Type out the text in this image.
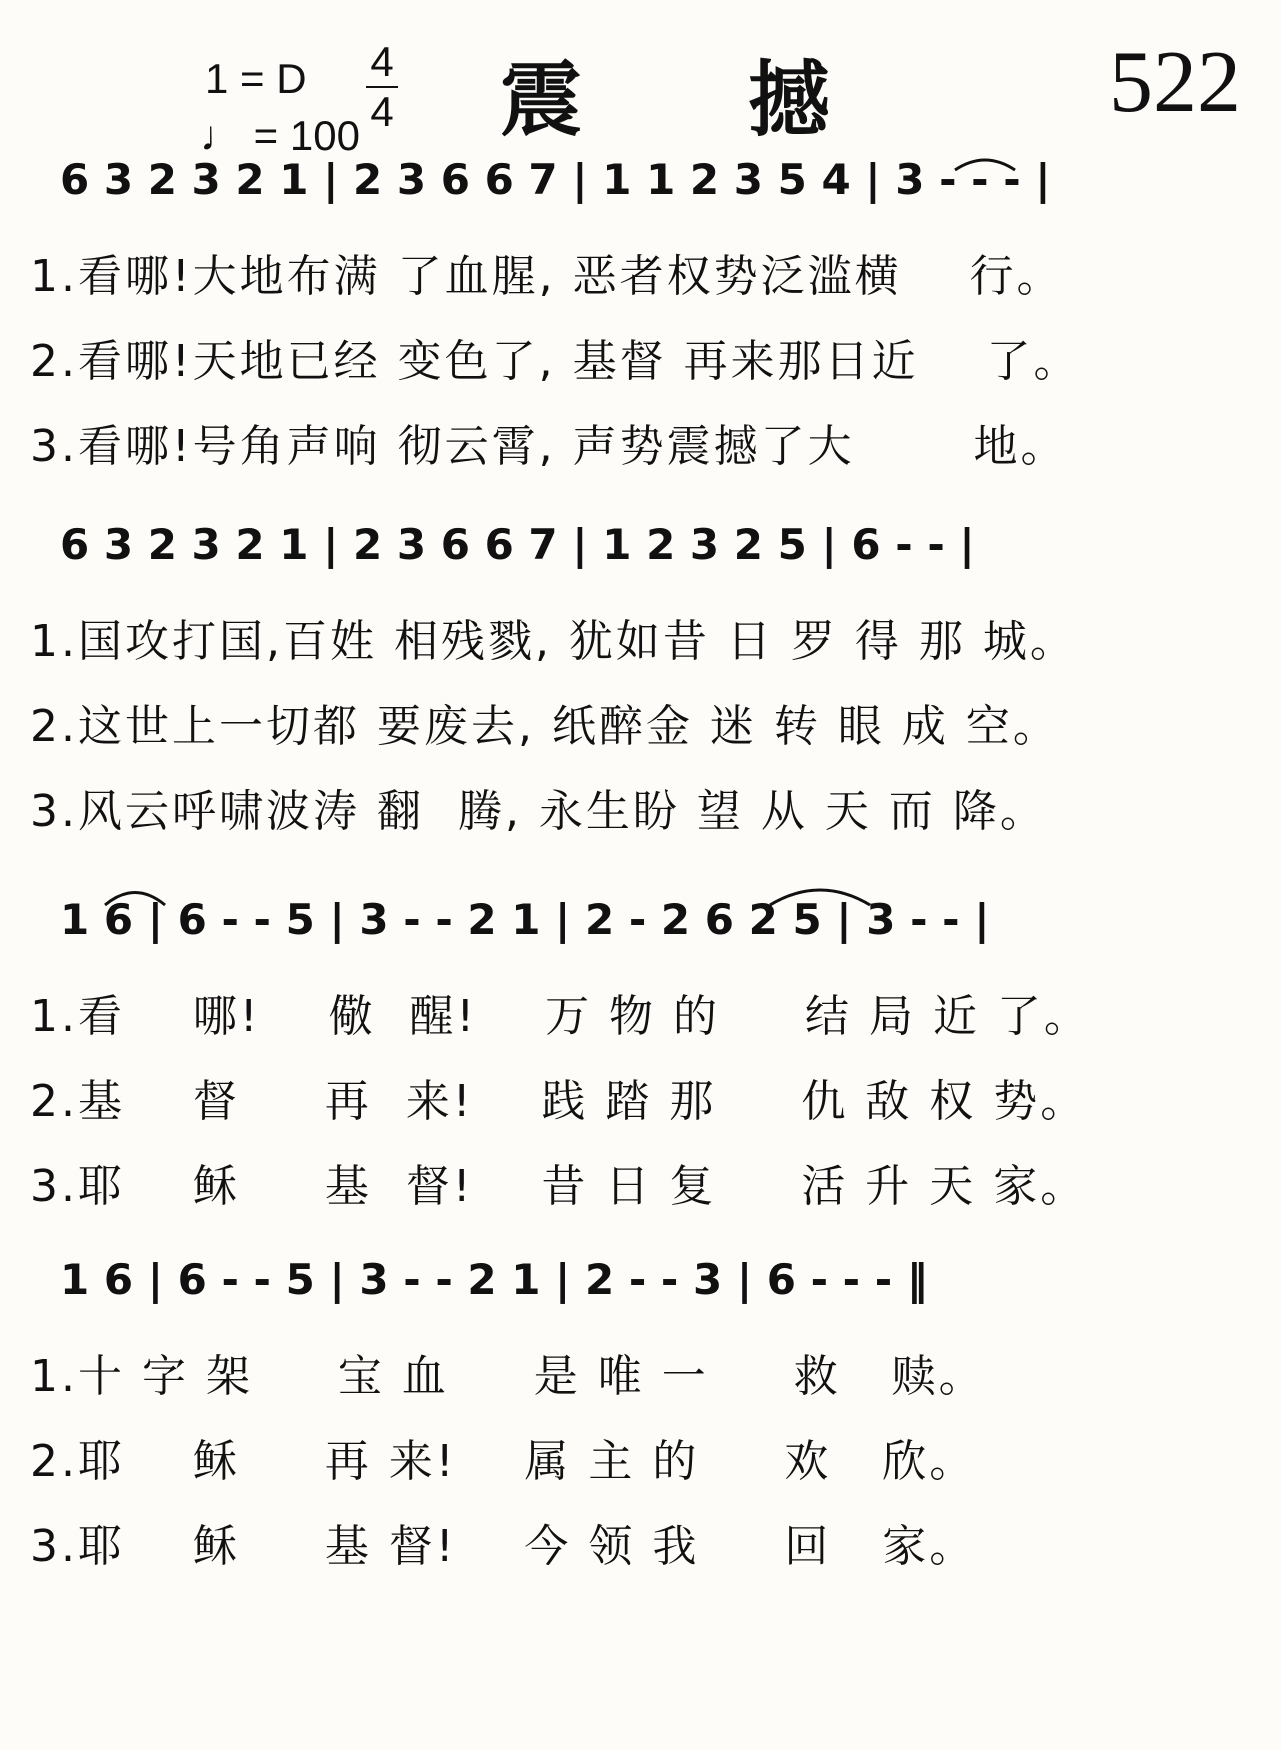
1 = D
♩ = 100
4
4 震 撼	522
6 3 2 3 2 1 | 2 3 6 6 7 | 1 1 2 3 5 4 | 3 - - - |
1.看哪!大地布满 了血腥, 恶者权势泛滥横    行。
2.看哪!天地已经 变色了, 基督 再来那日近    了。
3.看哪!号角声响 彻云霄, 声势震撼了大       地。
6 3 2 3 2 1 | 2 3 6 6 7 | 1 2 3 2 5 | 6 - - |
1.国攻打国,百姓 相残戮, 犹如昔 日 罗 得 那 城。
2.这世上一切都 要废去, 纸醉金 迷 转 眼 成 空。
3.风云呼啸波涛 翻  腾, 永生盼 望 从 天 而 降。
1 6 | 6 - - 5 | 3 - - 2 1 | 2 - 2 6 2 5 | 3 - - |
1.看    哪!    儆  醒!    万 物 的     结 局 近 了。
2.基    督     再  来!    践 踏 那     仇 敌 权 势。
3.耶    稣     基  督!    昔 日 复     活 升 天 家。
1 6 | 6 - - 5 | 3 - - 2 1 | 2 - - 3 | 6 - - - ‖
1.十 字 架     宝 血     是 唯 一     救   赎。
2.耶    稣     再 来!    属 主 的     欢   欣。
3.耶    稣     基 督!    今 领 我     回   家。
